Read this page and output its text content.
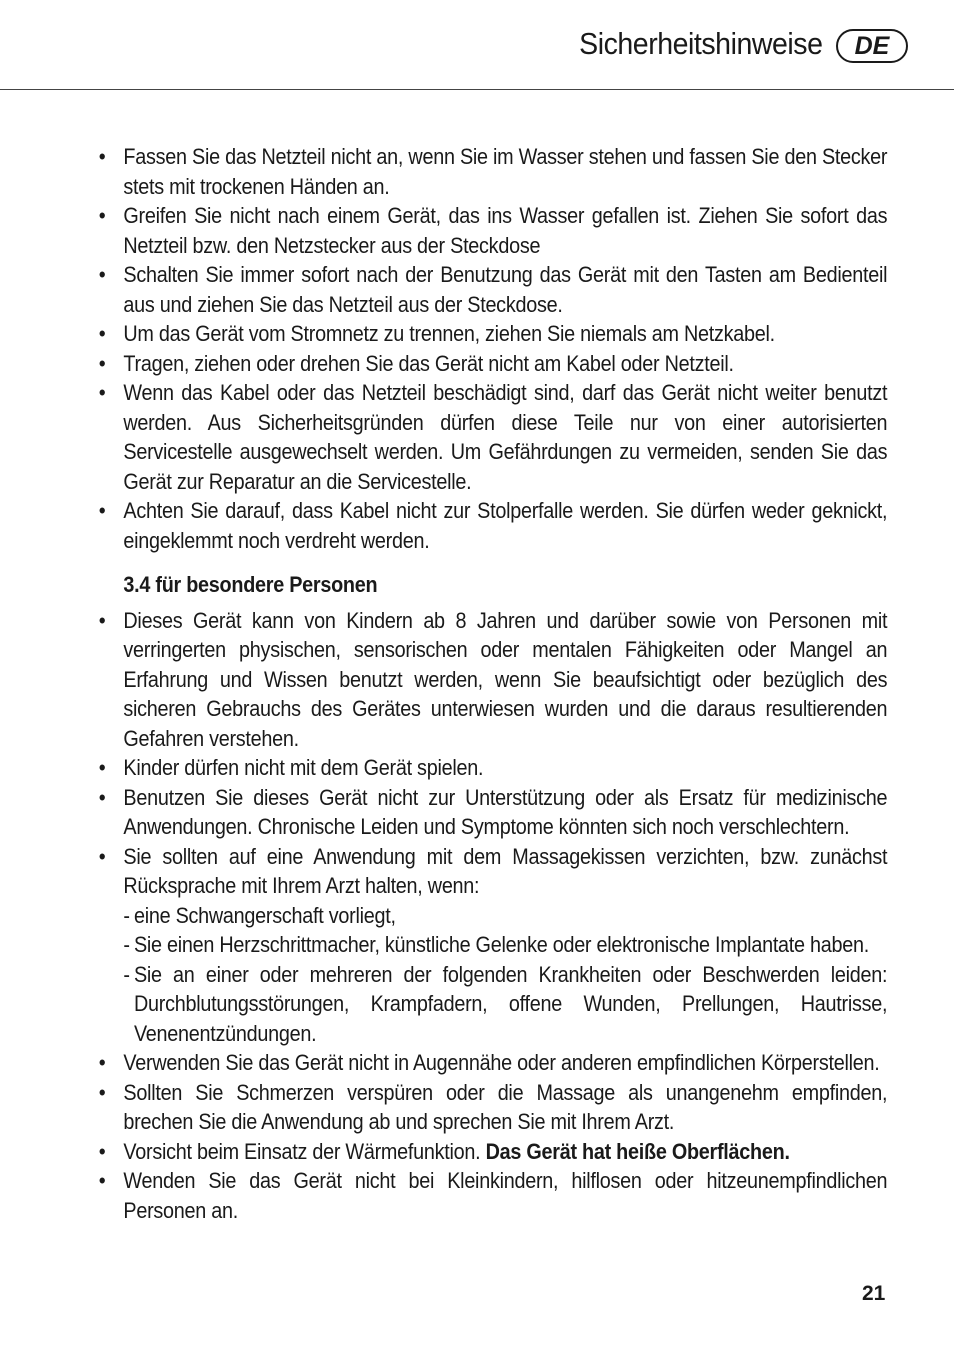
Sicherheitshinweise	DE
• Fassen Sie das Netzteil nicht an, wenn Sie im Wasser stehen und fassen Sie den Stecker stets mit trockenen Händen an.
• Greifen Sie nicht nach einem Gerät, das ins Wasser gefallen ist. Ziehen Sie sofort das Netzteil bzw. den Netzstecker aus der Steckdose
• Schalten Sie immer sofort nach der Benutzung das Gerät mit den Tasten am Bedienteil aus und ziehen Sie das Netzteil aus der Steckdose.
• Um das Gerät vom Stromnetz zu trennen, ziehen Sie niemals am Netzkabel.
• Tragen, ziehen oder drehen Sie das Gerät nicht am Kabel oder Netzteil.
• Wenn das Kabel oder das Netzteil beschädigt sind, darf das Gerät nicht weiter benutzt werden. Aus Sicherheitsgründen dürfen diese Teile nur von einer autorisierten Servicestelle ausgewechselt werden. Um Gefährdungen zu vermeiden, senden Sie das Gerät zur Reparatur an die Servicestelle.
• Achten Sie darauf, dass Kabel nicht zur Stolperfalle werden. Sie dürfen weder geknickt, eingeklemmt noch verdreht werden.
3.4 für besondere Personen
• Dieses Gerät kann von Kindern ab 8 Jahren und darüber sowie von Personen mit verringerten physischen, sensorischen oder mentalen Fähigkeiten oder Mangel an Erfahrung und Wissen benutzt werden, wenn Sie beaufsichtigt oder bezüglich des sicheren Gebrauchs des Gerätes unterwiesen wurden und die daraus resultierenden Gefahren verstehen.
• Kinder dürfen nicht mit dem Gerät spielen.
• Benutzen Sie dieses Gerät nicht zur Unterstützung oder als Ersatz für medizinische Anwendungen. Chronische Leiden und Symptome könnten sich noch verschlechtern.
• Sie sollten auf eine Anwendung mit dem Massagekissen verzichten, bzw. zunächst Rücksprache mit Ihrem Arzt halten, wenn:
- eine Schwangerschaft vorliegt,
- Sie einen Herzschrittmacher, künstliche Gelenke oder elektronische Implantate haben.
- Sie an einer oder mehreren der folgenden Krankheiten oder Beschwerden leiden: Durchblutungsstörungen, Krampfadern, offene Wunden, Prellungen, Hautrisse, Venenentzündungen.
• Verwenden Sie das Gerät nicht in Augennähe oder anderen empfindlichen Körperstellen.
• Sollten Sie Schmerzen verspüren oder die Massage als unangenehm empfinden, brechen Sie die Anwendung ab und sprechen Sie mit Ihrem Arzt.
• Vorsicht beim Einsatz der Wärmefunktion. Das Gerät hat heiße Oberflächen.
• Wenden Sie das Gerät nicht bei Kleinkindern, hilflosen oder hitzeunempfindlichen Personen an.
21
